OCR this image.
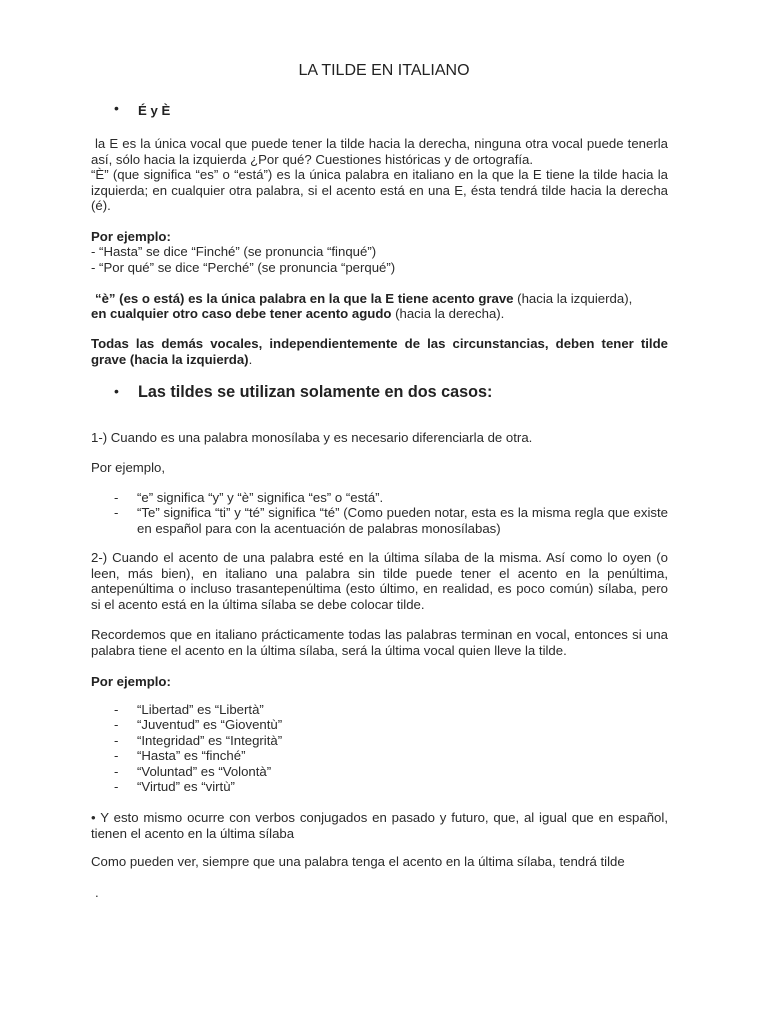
LA TILDE EN ITALIANO
• É y È
la E es la única vocal que puede tener la tilde hacia la derecha, ninguna otra vocal puede tenerla así, sólo hacia la izquierda ¿Por qué? Cuestiones históricas y de ortografía.
“È” (que significa “es” o “está”) es la única palabra en italiano en la que la E tiene la tilde hacia la izquierda; en cualquier otra palabra, si el acento está en una E, ésta tendrá tilde hacia la derecha (é).
Por ejemplo:
- “Hasta” se dice “Finché” (se pronuncia “finqué”)
- “Por qué” se dice “Perché” (se pronuncia “perqué”)
“è” (es o está) es la única palabra en la que la E tiene acento grave (hacia la izquierda),
en cualquier otro caso debe tener acento agudo (hacia la derecha).
Todas las demás vocales, independientemente de las circunstancias, deben tener tilde grave (hacia la izquierda).
• Las tildes se utilizan solamente en dos casos:
1-) Cuando es una palabra monosílaba y es necesario diferenciarla de otra.
Por ejemplo,
- “e” significa “y” y “è” significa “es” o “está”.
- “Te” significa “ti” y “té” significa “té” (Como pueden notar, esta es la misma regla que existe en español para con la acentuación de palabras monosílabas)
2-) Cuando el acento de una palabra esté en la última sílaba de la misma. Así como lo oyen (o leen, más bien), en italiano una palabra sin tilde puede tener el acento en la penúltima, antepenúltima o incluso trasantepenúltima (esto último, en realidad, es poco común) sílaba, pero si el acento está en la última sílaba se debe colocar tilde.
Recordemos que en italiano prácticamente todas las palabras terminan en vocal, entonces si una palabra tiene el acento en la última sílaba, será la última vocal quien lleve la tilde.
Por ejemplo:
- “Libertad” es “Libertà”
- “Juventud” es “Gioventù”
- “Integridad” es “Integrità”
- “Hasta” es “finché”
- “Voluntad” es “Volontà”
- “Virtud” es “virtù”
• Y esto mismo ocurre con verbos conjugados en pasado y futuro, que, al igual que en español, tienen el acento en la última sílaba
Como pueden ver, siempre que una palabra tenga el acento en la última sílaba, tendrá tilde
.
